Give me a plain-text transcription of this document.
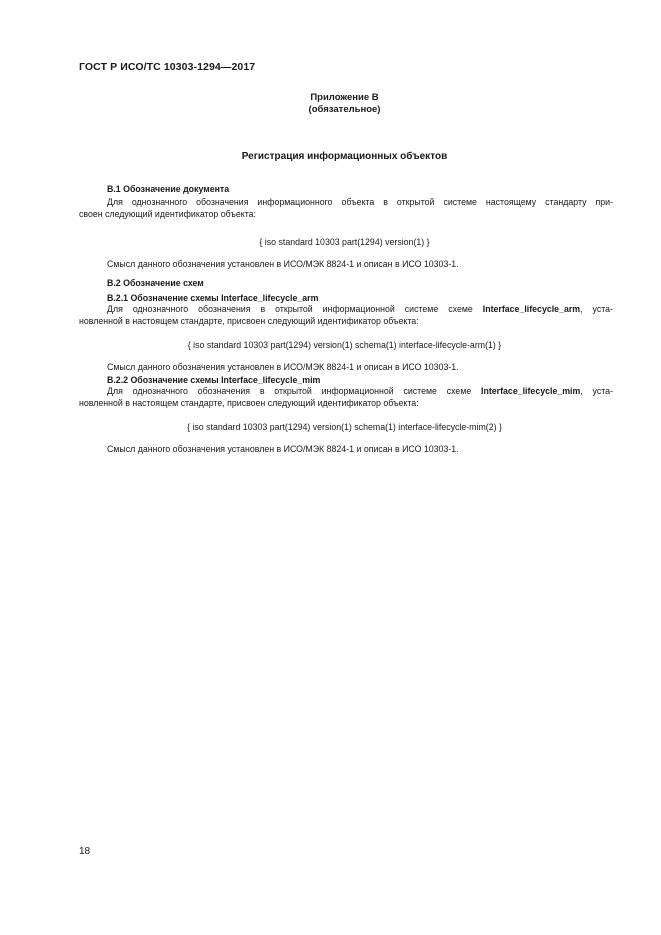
ГОСТ Р ИСО/ТС 10303-1294—2017
Приложение В
(обязательное)
Регистрация информационных объектов
В.1 Обозначение документа
Для однозначного обозначения информационного объекта в открытой системе настоящему стандарту при-
своен следующий идентификатор объекта:
{ iso standard 10303 part(1294) version(1) }
Смысл данного обозначения установлен в ИСО/МЭК 8824-1 и описан в ИСО 10303-1.
В.2 Обозначение схем
В.2.1 Обозначение схемы Interface_lifecycle_arm
Для однозначного обозначения в открытой информационной системе схеме Interface_lifecycle_arm, уста-
новленной в настоящем стандарте, присвоен следующий идентификатор объекта:
{ iso standard 10303 part(1294) version(1) schema(1) interface-lifecycle-arm(1) }
Смысл данного обозначения установлен в ИСО/МЭК 8824-1 и описан в ИСО 10303-1.
В.2.2 Обозначение схемы Interface_lifecycle_mim
Для однозначного обозначения в открытой информационной системе схеме Interface_lifecycle_mim, уста-
новленной в настоящем стандарте, присвоен следующий идентификатор объекта:
{ iso standard 10303 part(1294) version(1) schema(1) interface-lifecycle-mim(2) }
Смысл данного обозначения установлен в ИСО/МЭК 8824-1 и описан в ИСО 10303-1.
18
